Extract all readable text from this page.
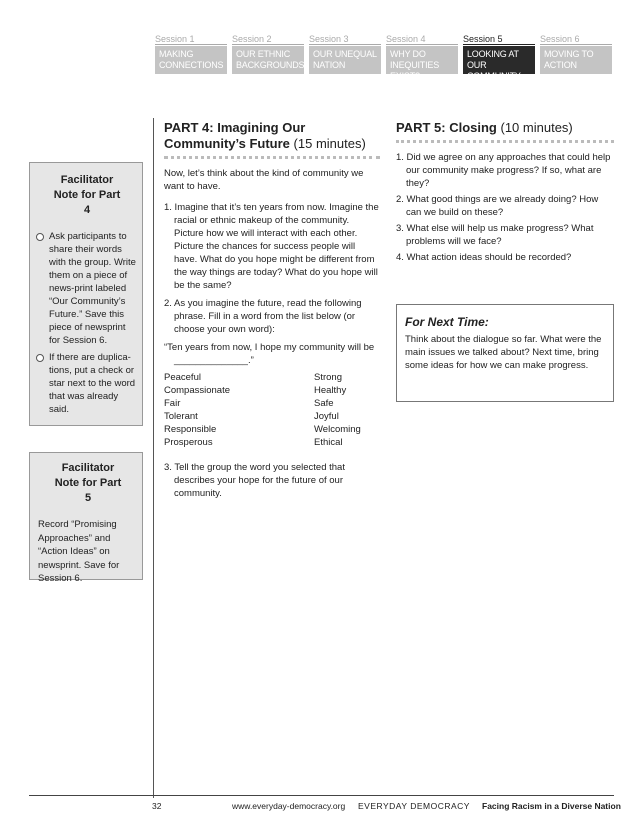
Session 1
MAKING CONNECTIONS
Session 2
OUR ETHNIC BACKGROUNDS
Session 3
OUR UNEQUAL NATION
Session 4
WHY DO INEQUITIES EXIST?
Session 5
LOOKING AT OUR COMMUNITY
Session 6
MOVING TO ACTION
Facilitator Note for Part 4
Ask participants to share their words with the group. Write them on a piece of news-print labeled “Our Community’s Future.” Save this piece of newsprint for Session 6.
If there are duplica-tions, put a check or star next to the word that was already said.
Facilitator Note for Part 5
Record “Promising Approaches” and “Action Ideas” on newsprint. Save for Session 6.
PART 4: Imagining Our Community’s Future (15 minutes)

Now, let’s think about the kind of community we want to have.

1. Imagine that it’s ten years from now. Imagine the racial or ethnic makeup of the community. Picture how we will interact with each other. Picture the chances for success people will have. What do you hope might be different from the way things are today? What do you hope will be the same?
2. As you imagine the future, read the following phrase. Fill in a word from the list below (or choose your own word):
“Ten years from now, I hope my community will be ______________.”
Peaceful	Strong
Compassionate	Healthy
Fair	Safe
Tolerant	Joyful
Responsible	Welcoming
Prosperous	Ethical
3. Tell the group the word you selected that describes your hope for the future of our community.
PART 5: Closing (10 minutes)
1. Did we agree on any approaches that could help our community make progress? If so, what are they?
2. What good things are we already doing? How can we build on these?
3. What else will help us make progress? What problems will we face?
4. What action ideas should be recorded?
For Next Time:
Think about the dialogue so far. What were the main issues we talked about? Next time, bring some ideas for how we can make progress.
32	www.everyday-democracy.org EVERYDAY DEMOCRACY Facing Racism in a Diverse Nation
